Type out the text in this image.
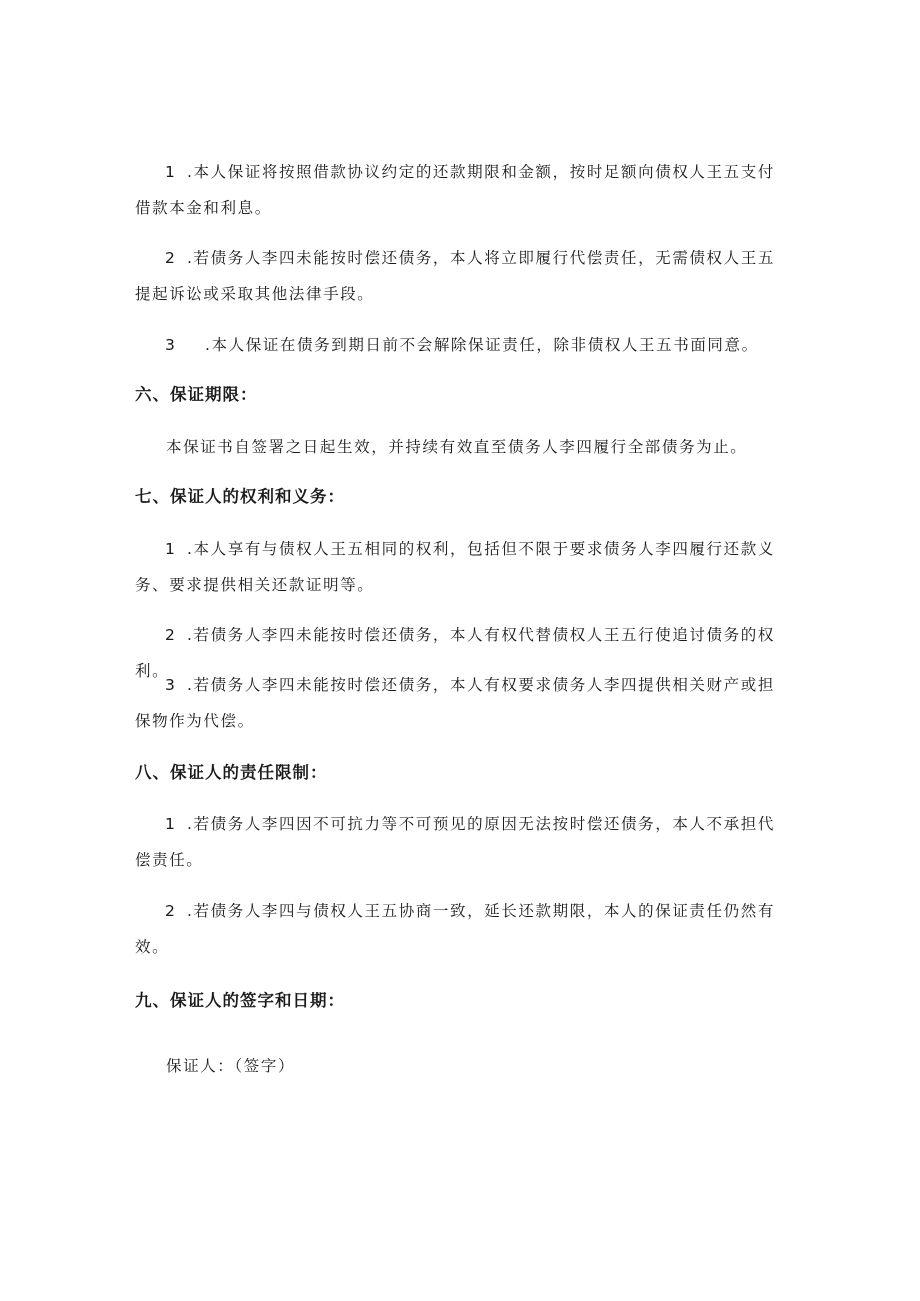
1 .本人保证将按照借款协议约定的还款期限和金额，按时足额向债权人王五支付借款本金和利息。

2 .若债务人李四未能按时偿还债务，本人将立即履行代偿责任，无需债权人王五提起诉讼或采取其他法律手段。

3 .本人保证在债务到期日前不会解除保证责任，除非债权人王五书面同意。

六、保证期限：

本保证书自签署之日起生效，并持续有效直至债务人李四履行全部债务为止。

七、保证人的权利和义务：

1 .本人享有与债权人王五相同的权利，包括但不限于要求债务人李四履行还款义务、要求提供相关还款证明等。

2 .若债务人李四未能按时偿还债务，本人有权代替债权人王五行使追讨债务的权利。

3 .若债务人李四未能按时偿还债务，本人有权要求债务人李四提供相关财产或担保物作为代偿。

八、保证人的责任限制：

1 .若债务人李四因不可抗力等不可预见的原因无法按时偿还债务，本人不承担代偿责任。

2 .若债务人李四与债权人王五协商一致，延长还款期限，本人的保证责任仍然有效。

九、保证人的签字和日期：
保证人：（签字）
